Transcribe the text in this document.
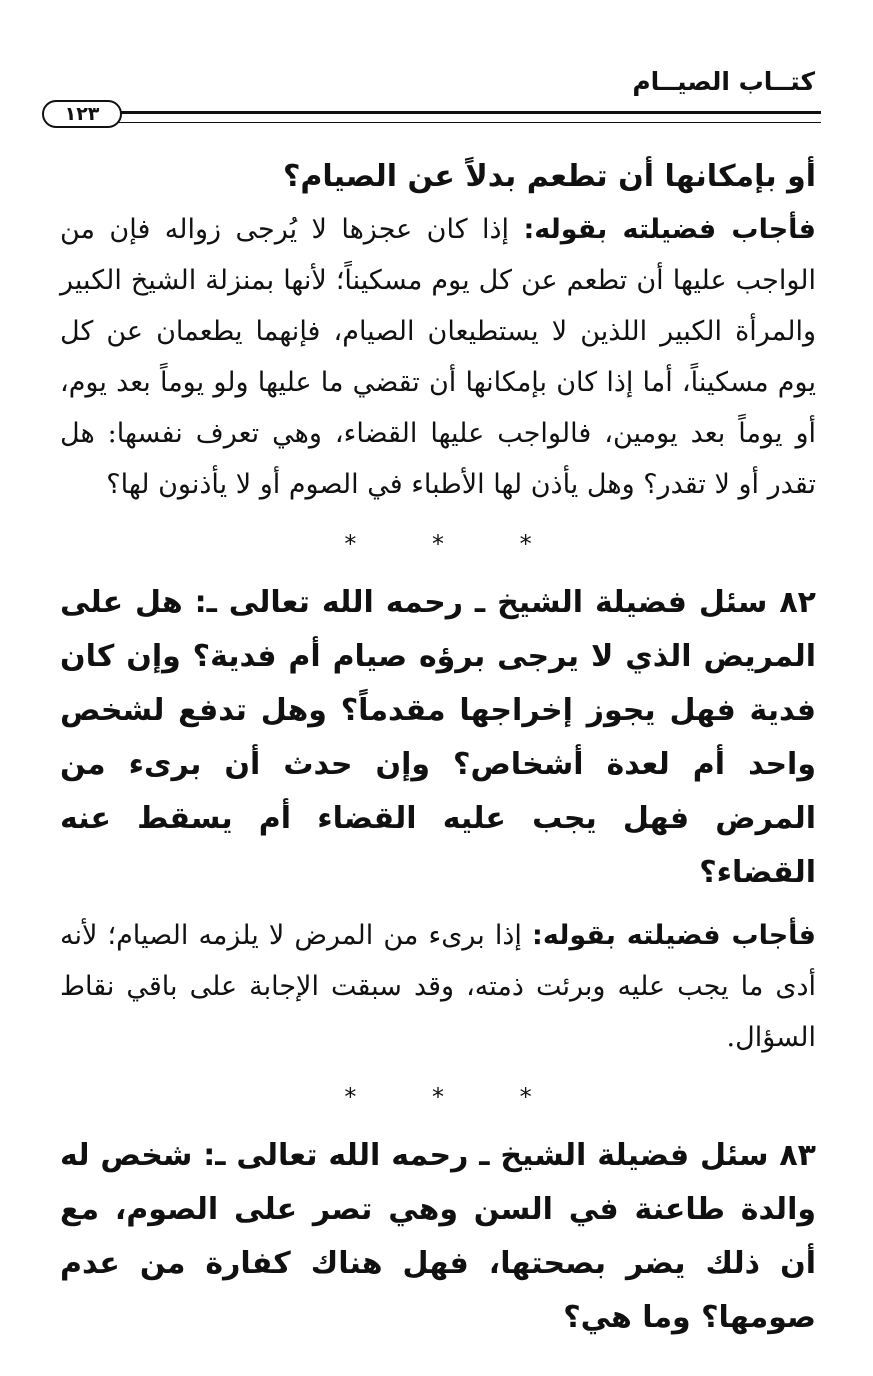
كتــاب الصيــام
١٢٣

أو بإمكانها أن تطعم بدلاً عن الصيام؟

فأجاب فضيلته بقوله: إذا كان عجزها لا يُرجى زواله فإن من الواجب عليها أن تطعم عن كل يوم مسكيناً؛ لأنها بمنزلة الشيخ الكبير والمرأة الكبير اللذين لا يستطيعان الصيام، فإنهما يطعمان عن كل يوم مسكيناً، أما إذا كان بإمكانها أن تقضي ما عليها ولو يوماً بعد يوم، أو يوماً بعد يومين، فالواجب عليها القضاء، وهي تعرف نفسها: هل تقدر أو لا تقدر؟ وهل يأذن لها الأطباء في الصوم أو لا يأذنون لها؟

* * *

٨٢ سئل فضيلة الشيخ ـ رحمه الله تعالى ـ: هل على المريض الذي لا يرجى برؤه صيام أم فدية؟ وإن كان فدية فهل يجوز إخراجها مقدماً؟ وهل تدفع لشخص واحد أم لعدة أشخاص؟ وإن حدث أن برىء من المرض فهل يجب عليه القضاء أم يسقط عنه القضاء؟

فأجاب فضيلته بقوله: إذا برىء من المرض لا يلزمه الصيام؛ لأنه أدى ما يجب عليه وبرئت ذمته، وقد سبقت الإجابة على باقي نقاط السؤال.

* * *

٨٣ سئل فضيلة الشيخ ـ رحمه الله تعالى ـ: شخص له والدة طاعنة في السن وهي تصر على الصوم، مع أن ذلك يضر بصحتها، فهل هناك كفارة من عدم صومها؟ وما هي؟
